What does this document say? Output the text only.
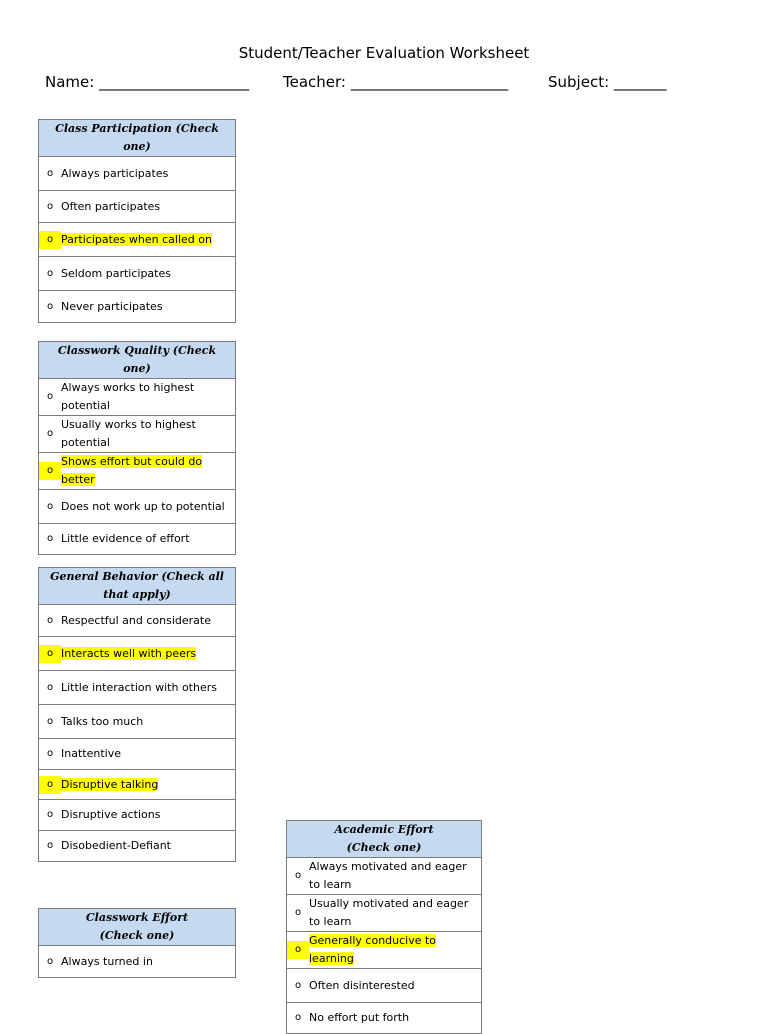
Student/Teacher Evaluation Worksheet
Name: ____________________ Teacher: _____________________	Subject: _______
Class Participation (Check one)

o Always participates

o Often participates

o Participates when called on

o Seldom participates

o Never participates
Classwork Quality (Check one)

o
Always works to highest potential

o
Usually works to highest potential

o
Shows effort but could do better

o Does not work up to potential

o Little evidence of effort
General Behavior (Check all that apply)

o Respectful and considerate

o Interacts well with peers

o Little interaction with others

o Talks too much

o Inattentive

o Disruptive talking

o Disruptive actions

o Disobedient-Defiant
Classwork Effort
(Check one)

o Always turned in
Academic Effort
(Check one)

o
Always motivated and eager to learn

o
Usually motivated and eager to learn

o
Generally conducive to learning

o Often disinterested

o No effort put forth
